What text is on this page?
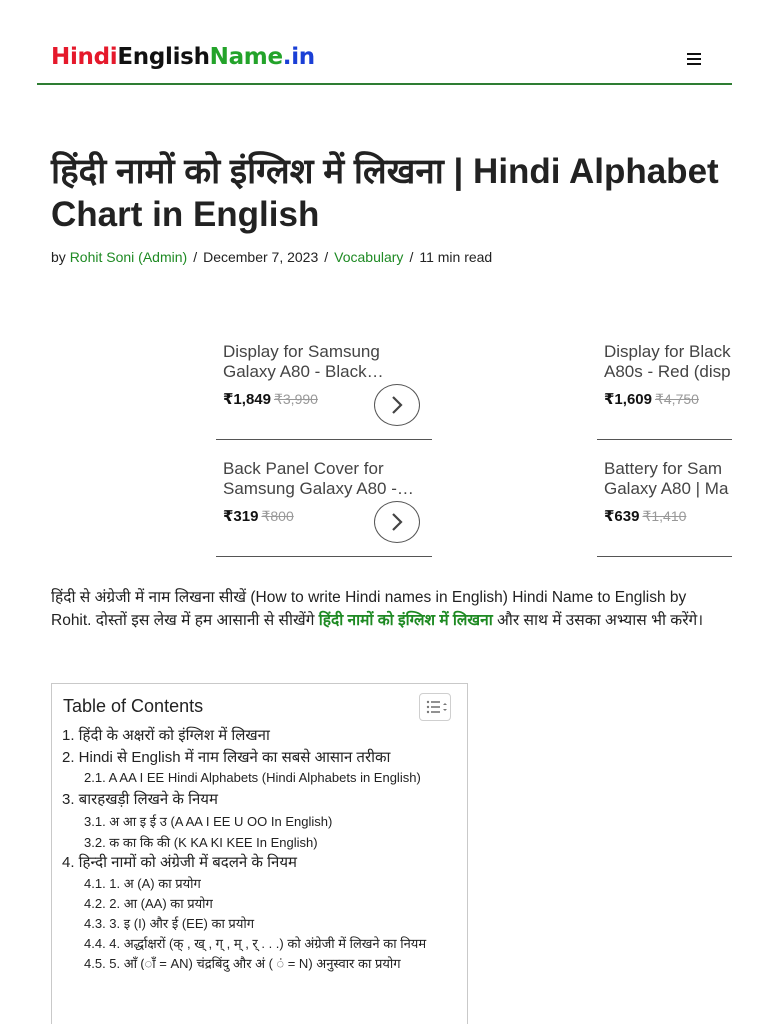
HindiEnglishName.in
हिंदी नामों को इंग्लिश में लिखना | Hindi Alphabet Chart in English
by Rohit Soni (Admin) / December 7, 2023 / Vocabulary / 11 min read
Display for Samsung
Galaxy A80 - Black…
₹1,849 ₹3,990
Display for Black
A80s - Red (disp
₹1,609 ₹4,750
Back Panel Cover for
Samsung Galaxy A80 -…
₹319 ₹800
Battery for Sam
Galaxy A80 | Ma
₹639 ₹1,410

हिंदी से अंग्रेजी में नाम लिखना सीखें (How to write Hindi names in English) Hindi Name to English by Rohit. दोस्तों इस लेख में हम आसानी से सीखेंगे हिंदी नामों को इंग्लिश में लिखना और साथ में उसका अभ्यास भी करेंगे।

Table of Contents
1. हिंदी के अक्षरों को इंग्लिश में लिखना
2. Hindi से English में नाम लिखने का सबसे आसान तरीका
2.1. A AA I EE Hindi Alphabets (Hindi Alphabets in English)
3. बारहखड़ी लिखने के नियम
3.1. अ आ इ ई उ (A AA I EE U OO In English)
3.2. क का कि की (K KA KI KEE In English)
4. हिन्दी नामों को अंग्रेजी में बदलने के नियम
4.1. 1. अ (A) का प्रयोग
4.2. 2. आ (AA) का प्रयोग
4.3. 3. इ (I) और ई (EE) का प्रयोग
4.4. 4. अर्द्धाक्षरों (क् , ख् , ग् , म् , र् . . .) को अंग्रेजी में लिखने का नियम
4.5. 5. ऑं (ॉं = AN) चंद्रबिंदु और अं ( ं = N) अनुस्वार का प्रयोग
